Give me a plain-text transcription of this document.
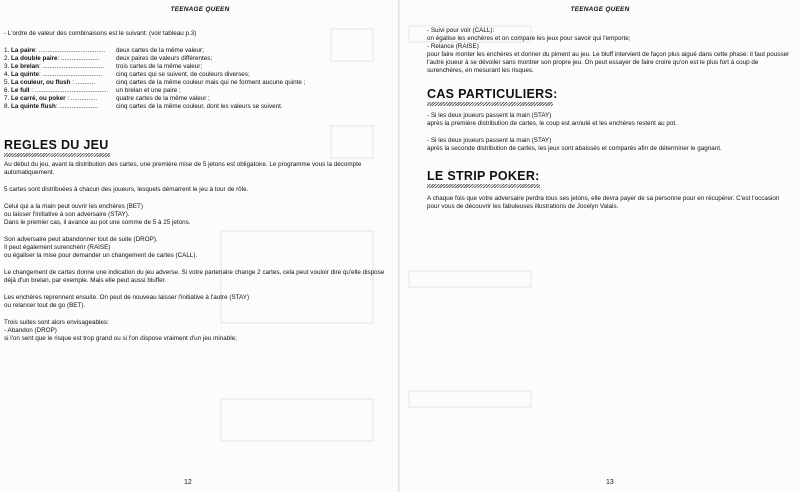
TEENAGE QUEEN

- L'ordre de valeur des combinaisons est le suivant: (voir tableau p.3)

1. La paire: ......................................	deux cartes de la même valeur;
2. La double paire: ......................	deux paires de valeurs différentes;
3. Le brelan: ...................................	trois cartes de la même valeur;
4. La quinte: ..................................	cinq cartes qui se suivent, de couleurs diverses;
5. La couleur, ou flush : ...........	cinq cartes de la même couleur mais qui ne forment aucune quinte ;
6. Le full : ..........................................	un brelan et une paire ;
7. Le carré, ou poker : ...............	quatre cartes de la même valeur ;
8. La quinte flush: ......................	cinq cartes de la même couleur, dont les valeurs se suivent.

REGLES DU JEU

Au début du jeu, avant la distribution des cartes, une première mise de 5 jetons est obligatoire. Le programme vous la décompte automatiquement.

5 cartes sont distribuées à chacun des joueurs, lesquels démarrent le jeu à tour de rôle.

Celui qui a la main peut ouvrir les enchères (BET)

ou laisser l'initiative à son adversaire (STAY).

Dans le premier cas, il avance au pot une somme de 5 à 25 jetons.

Son adversaire peut abandonner tout de suite (DROP).

Il peut également surenchérir (RAISE)

ou égaliser la mise pour demander un changement de cartes (CALL).

Le changement de cartes donne une indication du jeu adverse. Si votre partenaire change 2 cartes, cela peut vouloir dire qu'elle dispose déjà d'un brelan, par exemple. Mais elle peut aussi bluffer.

Les enchères reprennent ensuite. On peut de nouveau laisser l'initiative à l'autre (STAY)

ou relancer tout de go (BET).

Trois suites sont alors envisageables:

- Abandon (DROP)

si l'on sent que le risque est trop grand ou si l'on dispose vraiment d'un jeu minable;

12
TEENAGE QUEEN

- Suivi pour voir (CALL):

on égalise les enchères et on compare les jeux pour savoir qui l'emporte;

- Relance (RAISE)

pour faire monter les enchères et donner du piment au jeu. Le bluff intervient de façon plus aigué dans cette phase: il faut pousser l'autre joueur à se dévoiler sans montrer son propre jeu. On peut essayer de faire croire qu'on est le plus fort à coup de surenchères, en mesurant les risques.

CAS PARTICULIERS:

- Si les deux joueurs passent la main (STAY)

après la première distribution de cartes, le coup est annulé et les enchères restent au pot.

- Si les deux joueurs passent la main (STAY)

après la seconde distribution de cartes, les jeux sont abaissés et comparés afin de déterminer le gagnant.

LE STRIP POKER:

A chaque fois que votre adversaire perdra tous ses jetons, elle devra payer de sa personne pour en récupérer. C'est l'occasion pour vous de découvrir les fabuleuses illustrations de Jocelyn Valais.

13
